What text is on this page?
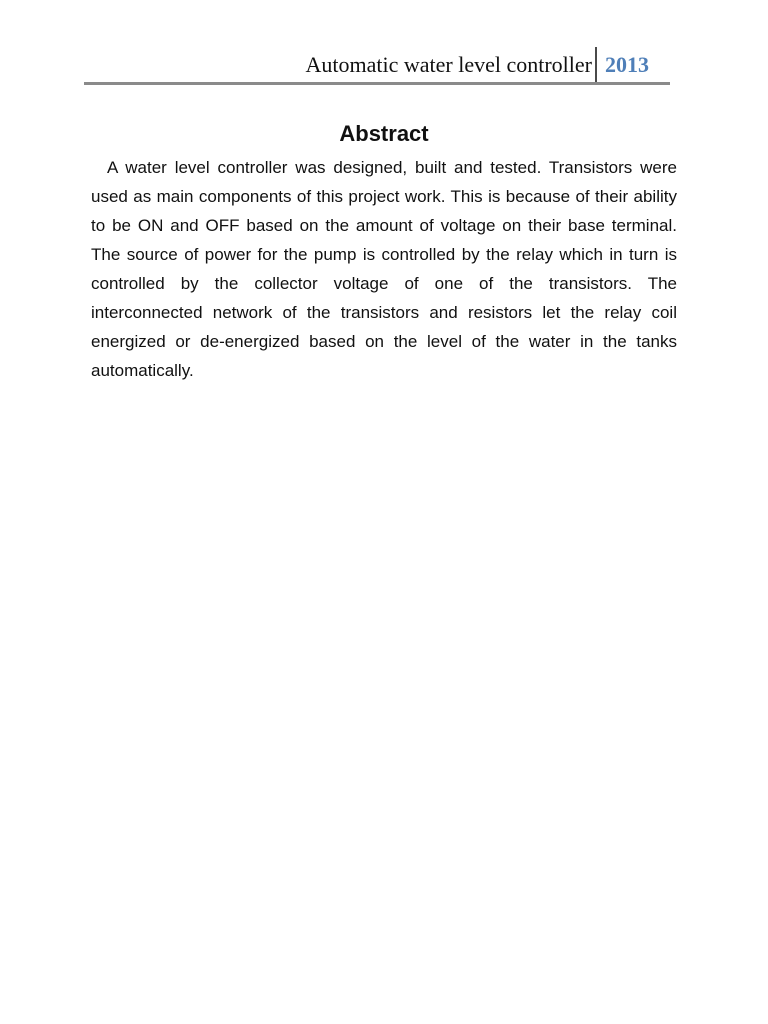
Automatic water level controller 2013
Abstract

A water level controller was designed, built and tested. Transistors were used as main components of this project work. This is because of their ability to be ON and OFF based on the amount of voltage on their base terminal. The source of power for the pump is controlled by the relay which in turn is controlled by the collector voltage of one of the transistors. The interconnected network of the transistors and resistors let the relay coil energized or de-energized based on the level of the water in the tanks automatically.
